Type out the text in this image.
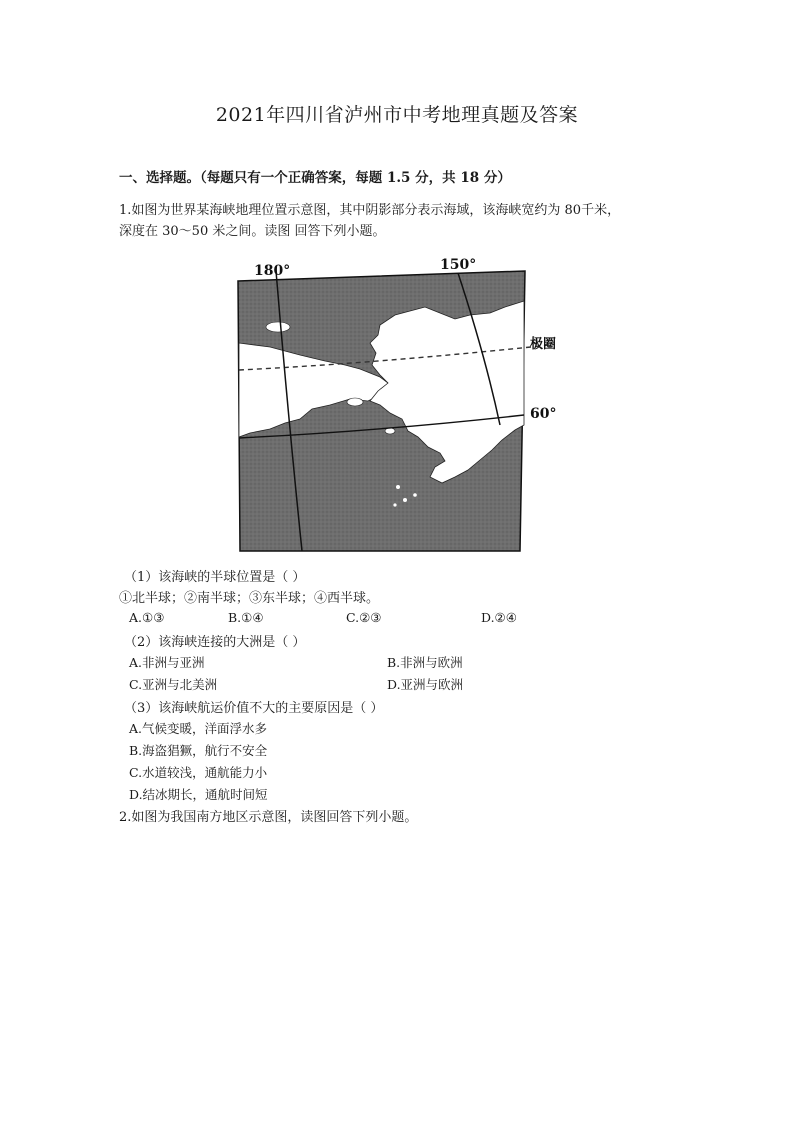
2021年四川省泸州市中考地理真题及答案
一、选择题。（每题只有一个正确答案，每题 1.5 分，共 18 分）
1.如图为世界某海峡地理位置示意图，其中阴影部分表示海域，该海峡宽约为 80千米，
深度在 30～50 米之间。读图 回答下列小题。
180°	150°
极圈
60°
（1）该海峡的半球位置是（ ）
①北半球；②南半球；③东半球；④西半球。
A.①③	B.①④	C.②③	D.②④
（2）该海峡连接的大洲是（ ）
A.非洲与亚洲	B.非洲与欧洲
C.亚洲与北美洲	D.亚洲与欧洲
（3）该海峡航运价值不大的主要原因是（ ）
A.气候变暖，洋面浮水多
B.海盗猖獗，航行不安全
C.水道较浅，通航能力小
D.结冰期长，通航时间短
2.如图为我国南方地区示意图，读图回答下列小题。
